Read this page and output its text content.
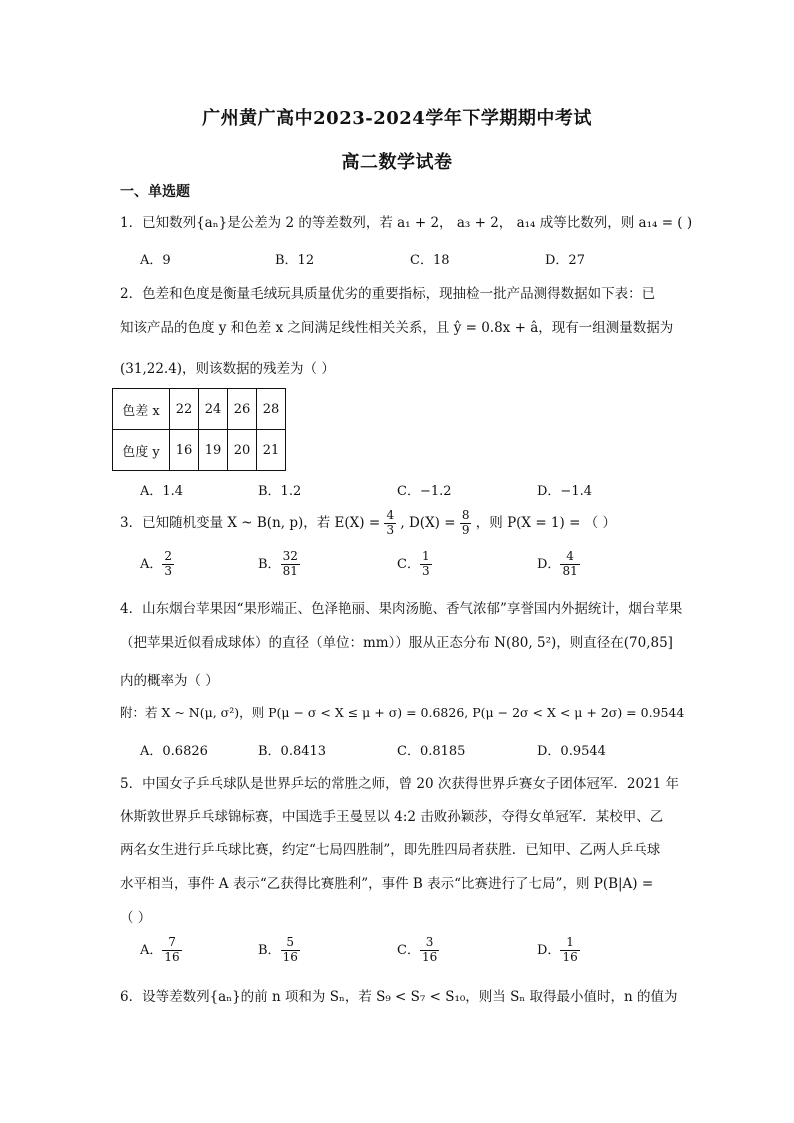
广州黄广高中2023-2024学年下学期期中考试
高二数学试卷
一、单选题
1．已知数列{aₙ}是公差为 2 的等差数列，若 a₁ + 2， a₃ + 2， a₁₄ 成等比数列，则 a₁₄ = ( )
A．9	B．12	C．18	D．27
2．色差和色度是衡量毛绒玩具质量优劣的重要指标，现抽检一批产品测得数据如下表：已
知该产品的色度 y 和色差 x 之间满足线性相关关系，且 ŷ = 0.8x + â，现有一组测量数据为
(31,22.4)，则该数据的残差为（ ）
色差 x	22	24	26	28
色度 y	16	19	20	21
A．1.4	B．1.2	C．−1.2	D．−1.4
3．已知随机变量 X ~ B(n, p)，若 $E(X) = \frac{4}{3}$ , $D(X) = \frac{8}{9}$ ，则 P(X = 1) = （ ）
A． $\frac{2}{3}$	B． $\frac{32}{81}$	C． $\frac{1}{3}$	D． $\frac{4}{81}$
4．山东烟台苹果因“果形端正、色泽艳丽、果肉汤脆、香气浓郁”享誉国内外据统计，烟台苹果
（把苹果近似看成球体）的直径（单位：mm））服从正态分布 N(80, 5²)，则直径在(70,85]
内的概率为（ ）
附：若 X ~ N(μ, σ²)，则 P(μ − σ < X ≤ μ + σ) = 0.6826, P(μ − 2σ < X < μ + 2σ) = 0.9544
A．0.6826	B．0.8413	C．0.8185	D．0.9544
5．中国女子乒乓球队是世界乒坛的常胜之师，曾 20 次获得世界乒赛女子团体冠军．2021 年
休斯敦世界乒乓球锦标赛，中国选手王曼昱以 4:2 击败孙颖莎，夺得女单冠军．某校甲、乙
两名女生进行乒乓球比赛，约定“七局四胜制”，即先胜四局者获胜．已知甲、乙两人乒乓球
水平相当，事件 A 表示“乙获得比赛胜利”，事件 B 表示“比赛进行了七局”，则 P(B|A) =
（ ）
A． $\frac{7}{16}$	B． $\frac{5}{16}$	C． $\frac{3}{16}$	D． $\frac{1}{16}$
6．设等差数列{aₙ}的前 n 项和为 Sₙ，若 S₉ < S₇ < S₁₀，则当 Sₙ 取得最小值时，n 的值为
